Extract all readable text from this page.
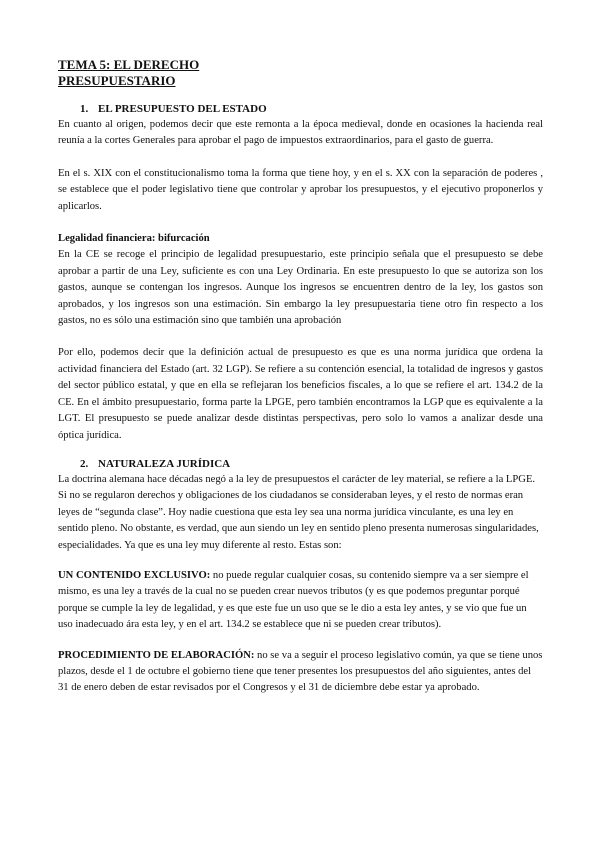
TEMA 5: EL DERECHO
PRESUPUESTARIO
1. EL PRESUPUESTO DEL ESTADO

En cuanto al origen, podemos decir que este remonta a la época medieval, donde en ocasiones la hacienda real reunía a la cortes Generales para aprobar el pago de impuestos extraordinarios, para el gasto de guerra.

En el s. XIX con el constitucionalismo toma la forma que tiene hoy, y en el s. XX con la separación de poderes , se establece que el poder legislativo tiene que controlar y aprobar los presupuestos, y el ejecutivo proponerlos y aplicarlos.

Legalidad financiera: bifurcación

En la CE se recoge el principio de legalidad presupuestario, este principio señala que el presupuesto se debe aprobar a partir de una Ley, suficiente es con una Ley Ordinaria. En este presupuesto lo que se autoriza son los gastos, aunque se contengan los ingresos. Aunque los ingresos se encuentren dentro de la ley, los gastos son aprobados, y los ingresos son una estimación. Sin embargo la ley presupuestaria tiene otro fin respecto a los gastos, no es sólo una estimación sino que también una aprobación

Por ello, podemos decir que la definición actual de presupuesto es que es una norma jurídica que ordena la actividad financiera del Estado (art. 32 LGP). Se refiere a su contención esencial, la totalidad de ingresos y gastos del sector público estatal, y que en ella se reflejaran los beneficios fiscales, a lo que se refiere el art. 134.2 de la CE. En el ámbito presupuestario, forma parte la LPGE, pero también encontramos la LGP que es equivalente a la LGT. El presupuesto se puede analizar desde distintas perspectivas, pero solo lo vamos a analizar desde una óptica jurídica.

2. NATURALEZA JURÍDICA

La doctrina alemana hace décadas negó a la ley de presupuestos el carácter de ley material, se refiere a la LPGE. Si no se regularon derechos y obligaciones de los ciudadanos se consideraban leyes, y el resto de normas eran leyes de “segunda clase”. Hoy nadie cuestiona que esta ley sea una norma jurídica vinculante, es una ley en sentido pleno. No obstante, es verdad, que aun siendo un ley en sentido pleno presenta numerosas singularidades, especialidades. Ya que es una ley muy diferente al resto. Estas son:

UN CONTENIDO EXCLUSIVO: no puede regular cualquier cosas, su contenido siempre va a ser siempre el mismo, es una ley a través de la cual no se pueden crear nuevos tributos (y es que podemos preguntar porqué porque se cumple la ley de legalidad, y es que este fue un uso que se le dio a esta ley antes, y se vio que fue un uso inadecuado ára esta ley, y en el art. 134.2 se establece que ni se pueden crear tributos).

PROCEDIMIENTO DE ELABORACIÓN: no se va a seguir el proceso legislativo común, ya que se tiene unos plazos, desde el 1 de octubre el gobierno tiene que tener presentes los presupuestos del año siguientes, antes del 31 de enero deben de estar revisados por el Congresos y el 31 de diciembre debe estar ya aprobado.
